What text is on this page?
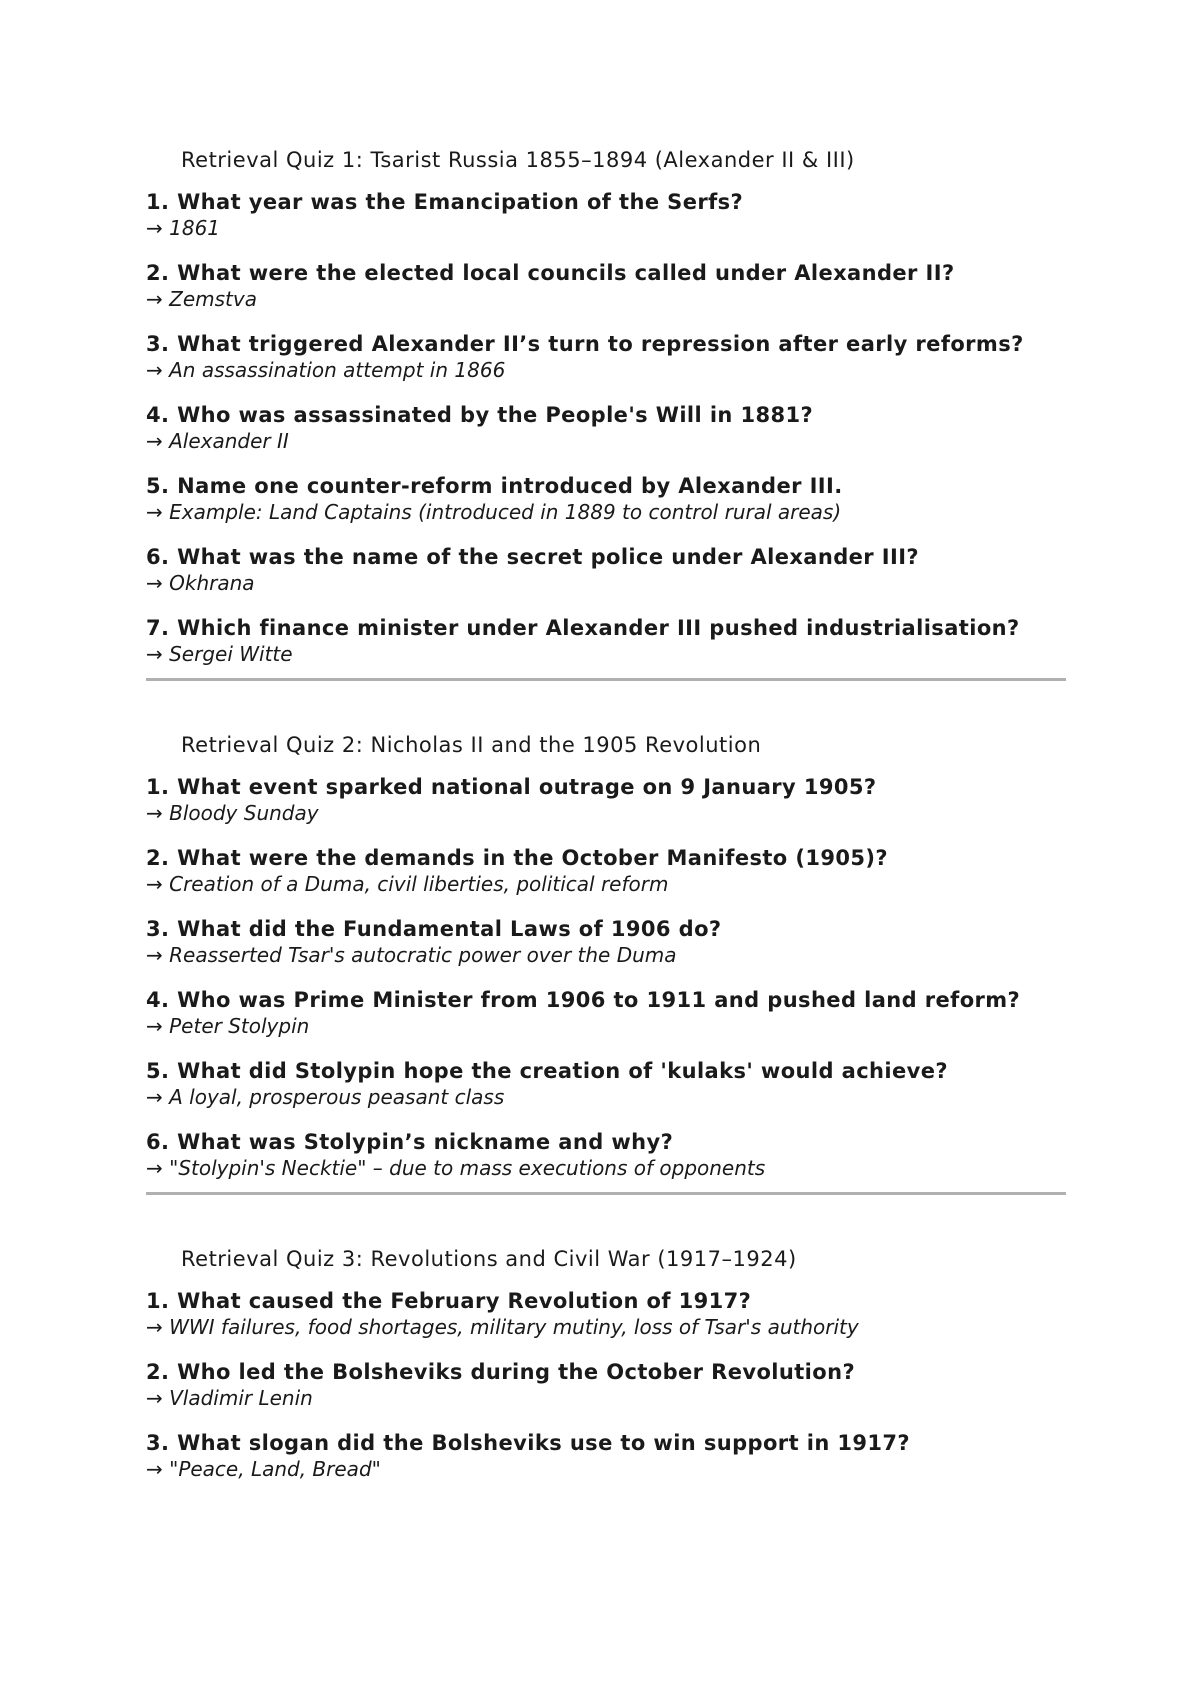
Retrieval Quiz 1: Tsarist Russia 1855–1894 (Alexander II & III)
1. What year was the Emancipation of the Serfs?
→ 1861
2. What were the elected local councils called under Alexander II?
→ Zemstva
3. What triggered Alexander II’s turn to repression after early reforms?
→ An assassination attempt in 1866
4. Who was assassinated by the People's Will in 1881?
→ Alexander II
5. Name one counter-reform introduced by Alexander III.
→ Example: Land Captains (introduced in 1889 to control rural areas)
6. What was the name of the secret police under Alexander III?
→ Okhrana
7. Which finance minister under Alexander III pushed industrialisation?
→ Sergei Witte
Retrieval Quiz 2: Nicholas II and the 1905 Revolution
1. What event sparked national outrage on 9 January 1905?
→ Bloody Sunday
2. What were the demands in the October Manifesto (1905)?
→ Creation of a Duma, civil liberties, political reform
3. What did the Fundamental Laws of 1906 do?
→ Reasserted Tsar's autocratic power over the Duma
4. Who was Prime Minister from 1906 to 1911 and pushed land reform?
→ Peter Stolypin
5. What did Stolypin hope the creation of 'kulaks' would achieve?
→ A loyal, prosperous peasant class
6. What was Stolypin’s nickname and why?
→ "Stolypin's Necktie" – due to mass executions of opponents
Retrieval Quiz 3: Revolutions and Civil War (1917–1924)
1. What caused the February Revolution of 1917?
→ WWI failures, food shortages, military mutiny, loss of Tsar's authority
2. Who led the Bolsheviks during the October Revolution?
→ Vladimir Lenin
3. What slogan did the Bolsheviks use to win support in 1917?
→ "Peace, Land, Bread"
